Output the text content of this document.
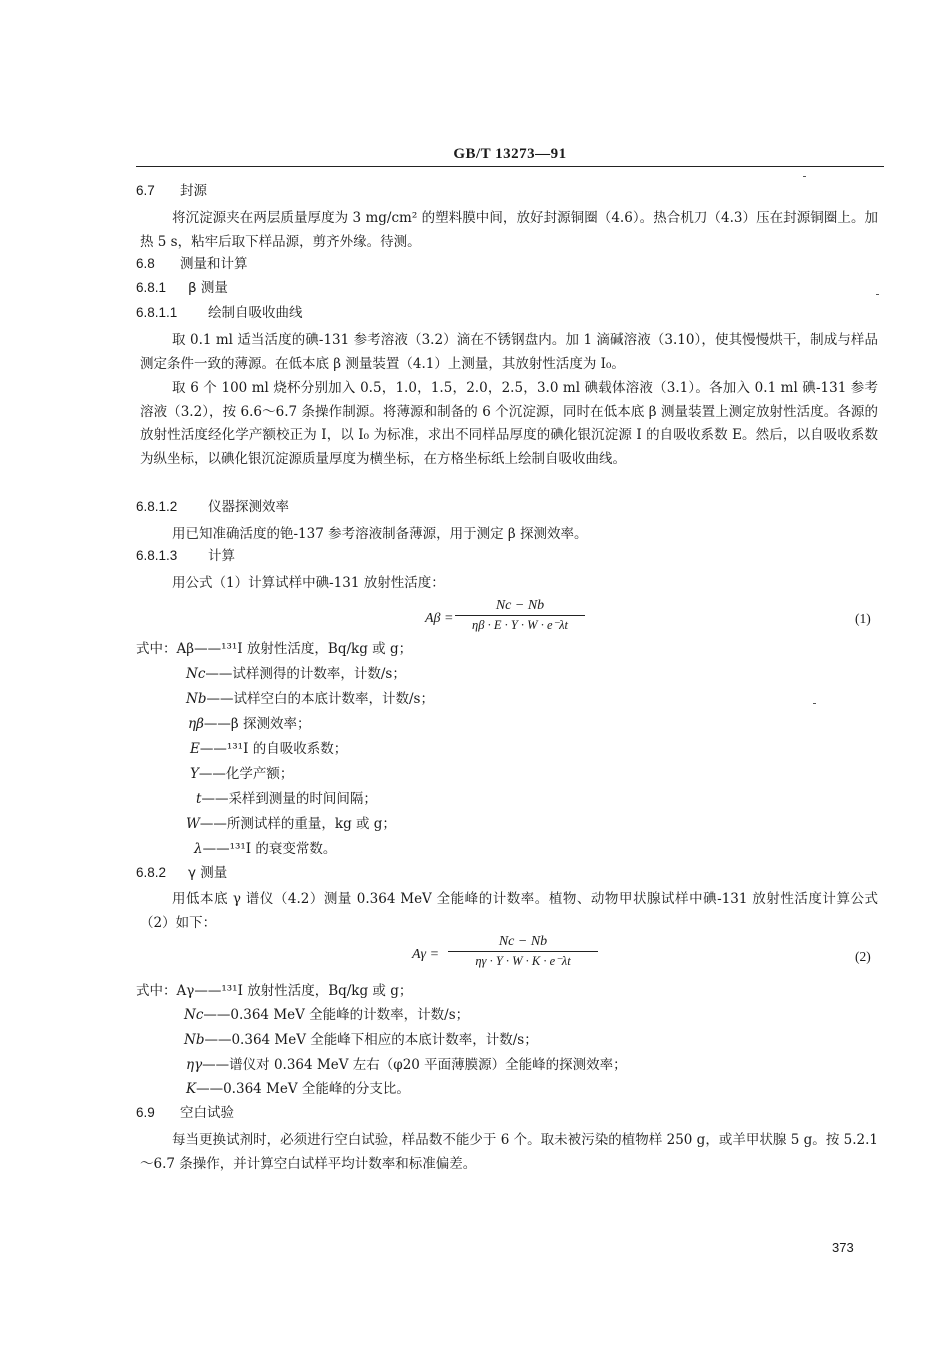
GB/T 13273—91
6.7 封源
将沉淀源夹在两层质量厚度为 3 mg/cm² 的塑料膜中间，放好封源铜圈（4.6）。热合机刀（4.3）压在封源铜圈上。加热 5 s，粘牢后取下样品源，剪齐外缘。待测。
6.8 测量和计算
6.8.1 β 测量
6.8.1.1 绘制自吸收曲线
取 0.1 ml 适当活度的碘-131 参考溶液（3.2）滴在不锈钢盘内。加 1 滴碱溶液（3.10），使其慢慢烘干，制成与样品测定条件一致的薄源。在低本底 β 测量装置（4.1）上测量，其放射性活度为 I₀。
取 6 个 100 ml 烧杯分别加入 0.5，1.0，1.5，2.0，2.5，3.0 ml 碘载体溶液（3.1）。各加入 0.1 ml 碘-131 参考溶液（3.2），按 6.6～6.7 条操作制源。将薄源和制备的 6 个沉淀源，同时在低本底 β 测量装置上测定放射性活度。各源的放射性活度经化学产额校正为 I，以 I₀ 为标准，求出不同样品厚度的碘化银沉淀源 I 的自吸收系数 E。然后，以自吸收系数为纵坐标，以碘化银沉淀源质量厚度为横坐标，在方格坐标纸上绘制自吸收曲线。
6.8.1.2 仪器探测效率
用已知准确活度的铯-137 参考溶液制备薄源，用于测定 β 探测效率。
6.8.1.3 计算
用公式（1）计算试样中碘-131 放射性活度：
$A\beta = \frac{Nc - Nb}{\eta\beta \cdot E \cdot Y \cdot W \cdot e^-\lambda t}$	(1)
式中：Aβ——¹³¹I 放射性活度，Bq/kg 或 g；
Nc——试样测得的计数率，计数/s；
Nb——试样空白的本底计数率，计数/s；
ηβ——β 探测效率；
E——¹³¹I 的自吸收系数；
Y——化学产额；
t——采样到测量的时间间隔；
W——所测试样的重量，kg 或 g；
λ——¹³¹I 的衰变常数。
6.8.2 γ 测量
用低本底 γ 谱仪（4.2）测量 0.364 MeV 全能峰的计数率。植物、动物甲状腺试样中碘-131 放射性活度计算公式（2）如下：
$A\gamma = \frac{Nc - Nb}{\eta\gamma \cdot Y \cdot W \cdot K \cdot e^-\lambda t}$	(2)
式中：Aγ——¹³¹I 放射性活度，Bq/kg 或 g；
Nc——0.364 MeV 全能峰的计数率，计数/s；
Nb——0.364 MeV 全能峰下相应的本底计数率，计数/s；
ηγ——谱仪对 0.364 MeV 左右（φ20 平面薄膜源）全能峰的探测效率；
K——0.364 MeV 全能峰的分支比。
6.9 空白试验
每当更换试剂时，必须进行空白试验，样品数不能少于 6 个。取未被污染的植物样 250 g，或羊甲状腺 5 g。按 5.2.1～6.7 条操作，并计算空白试样平均计数率和标准偏差。
373
